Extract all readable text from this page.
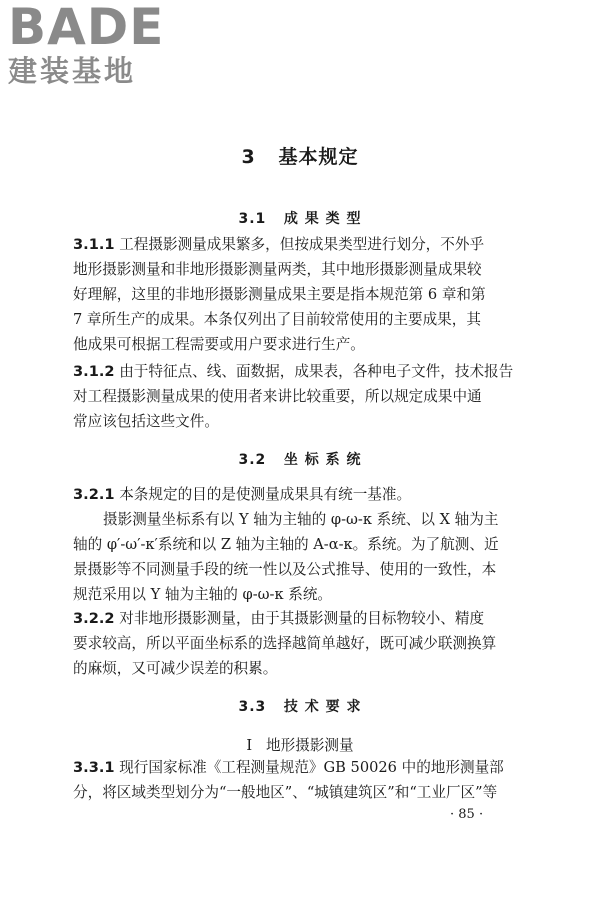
BADE
建装基地
3 基本规定
3.1 成 果 类 型
3.1.1 工程摄影测量成果繁多，但按成果类型进行划分，不外乎
地形摄影测量和非地形摄影测量两类，其中地形摄影测量成果较
好理解，这里的非地形摄影测量成果主要是指本规范第 6 章和第
7 章所生产的成果。本条仅列出了目前较常使用的主要成果，其
他成果可根据工程需要或用户要求进行生产。
3.1.2 由于特征点、线、面数据，成果表，各种电子文件，技术报告
对工程摄影测量成果的使用者来讲比较重要，所以规定成果中通
常应该包括这些文件。
3.2 坐 标 系 统
3.2.1 本条规定的目的是使测量成果具有统一基准。
摄影测量坐标系有以 Y 轴为主轴的 φ-ω-κ 系统、以 X 轴为主
轴的 φ′-ω′-κ′系统和以 Z 轴为主轴的 A-α-κ。系统。为了航测、近
景摄影等不同测量手段的统一性以及公式推导、使用的一致性，本
规范采用以 Y 轴为主轴的 φ-ω-κ 系统。
3.2.2 对非地形摄影测量，由于其摄影测量的目标物较小、精度
要求较高，所以平面坐标系的选择越简单越好，既可减少联测换算
的麻烦，又可减少误差的积累。
3.3 技 术 要 求
Ⅰ 地形摄影测量
3.3.1 现行国家标准《工程测量规范》GB 50026 中的地形测量部
分，将区域类型划分为“一般地区”、“城镇建筑区”和“工业厂区”等
· 85 ·
